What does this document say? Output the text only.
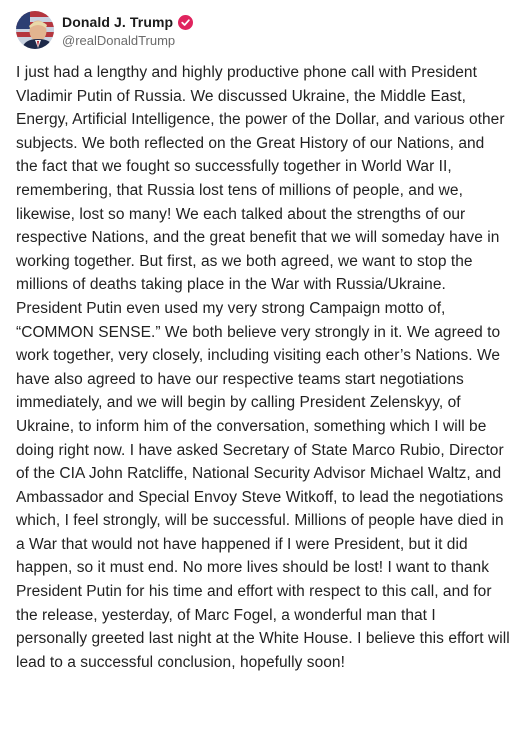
Donald J. Trump
@realDonaldTrump
I just had a lengthy and highly productive phone call with President Vladimir Putin of Russia. We discussed Ukraine, the Middle East, Energy, Artificial Intelligence, the power of the Dollar, and various other subjects. We both reflected on the Great History of our Nations, and the fact that we fought so successfully together in World War II, remembering, that Russia lost tens of millions of people, and we, likewise, lost so many! We each talked about the strengths of our respective Nations, and the great benefit that we will someday have in working together. But first, as we both agreed, we want to stop the millions of deaths taking place in the War with Russia/Ukraine. President Putin even used my very strong Campaign motto of, “COMMON SENSE.” We both believe very strongly in it. We agreed to work together, very closely, including visiting each other’s Nations. We have also agreed to have our respective teams start negotiations immediately, and we will begin by calling President Zelenskyy, of Ukraine, to inform him of the conversation, something which I will be doing right now. I have asked Secretary of State Marco Rubio, Director of the CIA John Ratcliffe, National Security Advisor Michael Waltz, and Ambassador and Special Envoy Steve Witkoff, to lead the negotiations which, I feel strongly, will be successful. Millions of people have died in a War that would not have happened if I were President, but it did happen, so it must end. No more lives should be lost! I want to thank President Putin for his time and effort with respect to this call, and for the release, yesterday, of Marc Fogel, a wonderful man that I personally greeted last night at the White House. I believe this effort will lead to a successful conclusion, hopefully soon!
